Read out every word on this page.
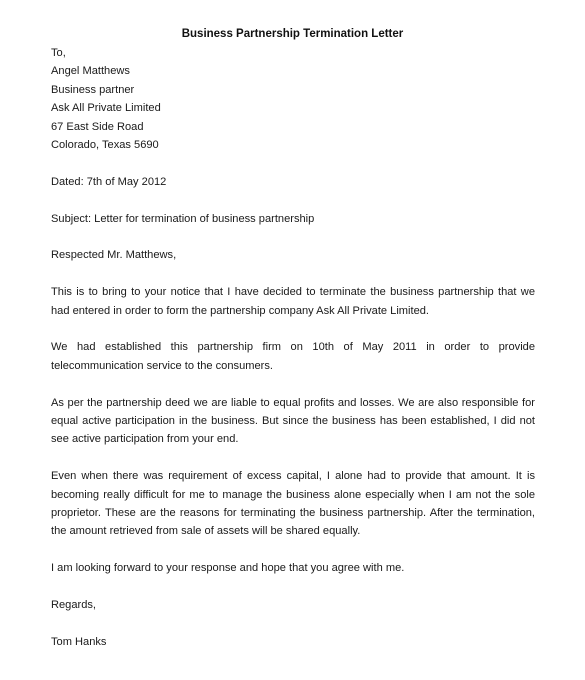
Business Partnership Termination Letter

To,

Angel Matthews

Business partner

Ask All Private Limited

67 East Side Road

Colorado, Texas 5690

Dated: 7th of May 2012

Subject: Letter for termination of business partnership

Respected Mr. Matthews,

This is to bring to your notice that I have decided to terminate the business partnership that we had entered in order to form the partnership company Ask All Private Limited.

We had established this partnership firm on 10th of May 2011 in order to provide telecommunication service to the consumers.

As per the partnership deed we are liable to equal profits and losses. We are also responsible for equal active participation in the business. But since the business has been established, I did not see active participation from your end.

Even when there was requirement of excess capital, I alone had to provide that amount. It is becoming really difficult for me to manage the business alone especially when I am not the sole proprietor. These are the reasons for terminating the business partnership. After the termination, the amount retrieved from sale of assets will be shared equally.

I am looking forward to your response and hope that you agree with me.

Regards,

Tom Hanks
